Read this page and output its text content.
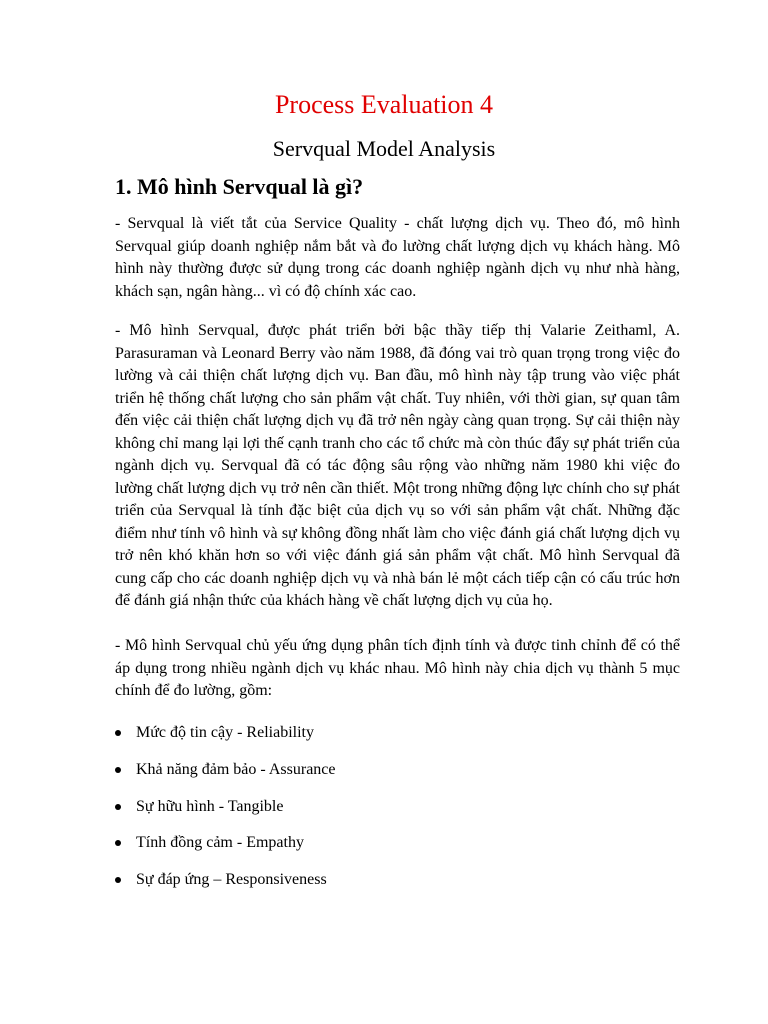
Process Evaluation 4
Servqual Model Analysis
1. Mô hình Servqual là gì?

- Servqual là viết tắt của Service Quality - chất lượng dịch vụ. Theo đó, mô hình Servqual giúp doanh nghiệp nắm bắt và đo lường chất lượng dịch vụ khách hàng. Mô hình này thường được sử dụng trong các doanh nghiệp ngành dịch vụ như nhà hàng, khách sạn, ngân hàng... vì có độ chính xác cao.

- Mô hình Servqual, được phát triển bởi bậc thầy tiếp thị Valarie Zeithaml, A. Parasuraman và Leonard Berry vào năm 1988, đã đóng vai trò quan trọng trong việc đo lường và cải thiện chất lượng dịch vụ. Ban đầu, mô hình này tập trung vào việc phát triển hệ thống chất lượng cho sản phẩm vật chất. Tuy nhiên, với thời gian, sự quan tâm đến việc cải thiện chất lượng dịch vụ đã trở nên ngày càng quan trọng. Sự cải thiện này không chỉ mang lại lợi thế cạnh tranh cho các tổ chức mà còn thúc đẩy sự phát triển của ngành dịch vụ. Servqual đã có tác động sâu rộng vào những năm 1980 khi việc đo lường chất lượng dịch vụ trở nên cần thiết. Một trong những động lực chính cho sự phát triển của Servqual là tính đặc biệt của dịch vụ so với sản phẩm vật chất. Những đặc điểm như tính vô hình và sự không đồng nhất làm cho việc đánh giá chất lượng dịch vụ trở nên khó khăn hơn so với việc đánh giá sản phẩm vật chất. Mô hình Servqual đã cung cấp cho các doanh nghiệp dịch vụ và nhà bán lẻ một cách tiếp cận có cấu trúc hơn để đánh giá nhận thức của khách hàng về chất lượng dịch vụ của họ.

- Mô hình Servqual chủ yếu ứng dụng phân tích định tính và được tinh chỉnh để có thể áp dụng trong nhiều ngành dịch vụ khác nhau. Mô hình này chia dịch vụ thành 5 mục chính để đo lường, gồm:

Mức độ tin cậy - Reliability
Khả năng đảm bảo - Assurance
Sự hữu hình - Tangible
Tính đồng cảm - Empathy
Sự đáp ứng – Responsiveness
